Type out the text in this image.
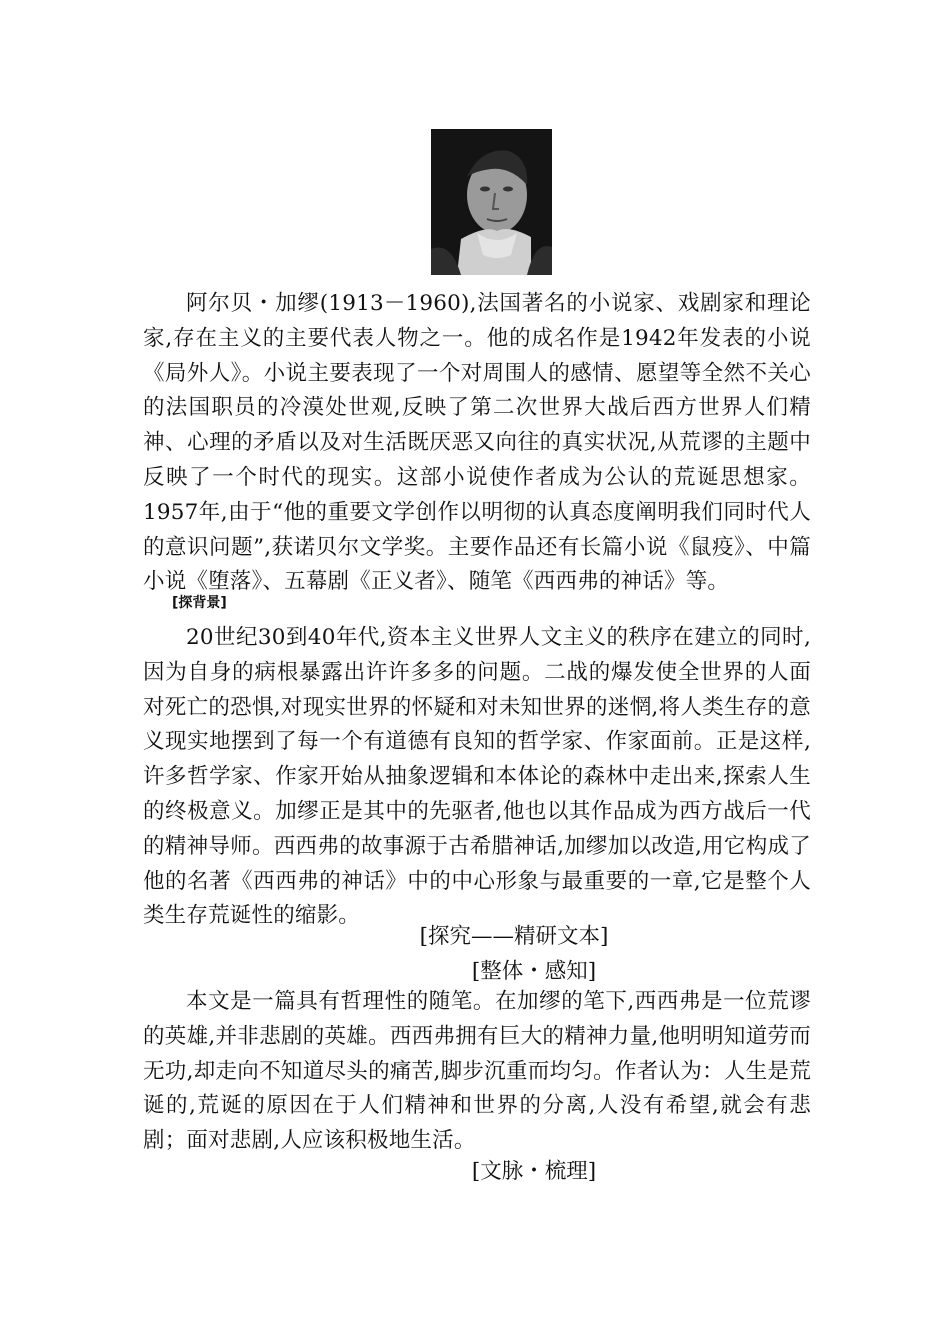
阿尔贝・加缪(1913－1960),法国著名的小说家、戏剧家和理论家,存在主义的主要代表人物之一。他的成名作是1942年发表的小说《局外人》。小说主要表现了一个对周围人的感情、愿望等全然不关心的法国职员的冷漠处世观,反映了第二次世界大战后西方世界人们精神、心理的矛盾以及对生活既厌恶又向往的真实状况,从荒谬的主题中反映了一个时代的现实。这部小说使作者成为公认的荒诞思想家。1957年,由于“他的重要文学创作以明彻的认真态度阐明我们同时代人的意识问题”,获诺贝尔文学奖。主要作品还有长篇小说《鼠疫》、中篇小说《堕落》、五幕剧《正义者》、随笔《西西弗的神话》等。

[探背景]

20世纪30到40年代,资本主义世界人文主义的秩序在建立的同时,因为自身的病根暴露出许许多多的问题。二战的爆发使全世界的人面对死亡的恐惧,对现实世界的怀疑和对未知世界的迷惘,将人类生存的意义现实地摆到了每一个有道德有良知的哲学家、作家面前。正是这样,许多哲学家、作家开始从抽象逻辑和本体论的森林中走出来,探索人生的终极意义。加缪正是其中的先驱者,他也以其作品成为西方战后一代的精神导师。西西弗的故事源于古希腊神话,加缪加以改造,用它构成了他的名著《西西弗的神话》中的中心形象与最重要的一章,它是整个人类生存荒诞性的缩影。

[探究——精研文本]
[整体・感知]

本文是一篇具有哲理性的随笔。在加缪的笔下,西西弗是一位荒谬的英雄,并非悲剧的英雄。西西弗拥有巨大的精神力量,他明明知道劳而无功,却走向不知道尽头的痛苦,脚步沉重而均匀。作者认为：人生是荒诞的,荒诞的原因在于人们精神和世界的分离,人没有希望,就会有悲剧；面对悲剧,人应该积极地生活。

[文脉・梳理]
